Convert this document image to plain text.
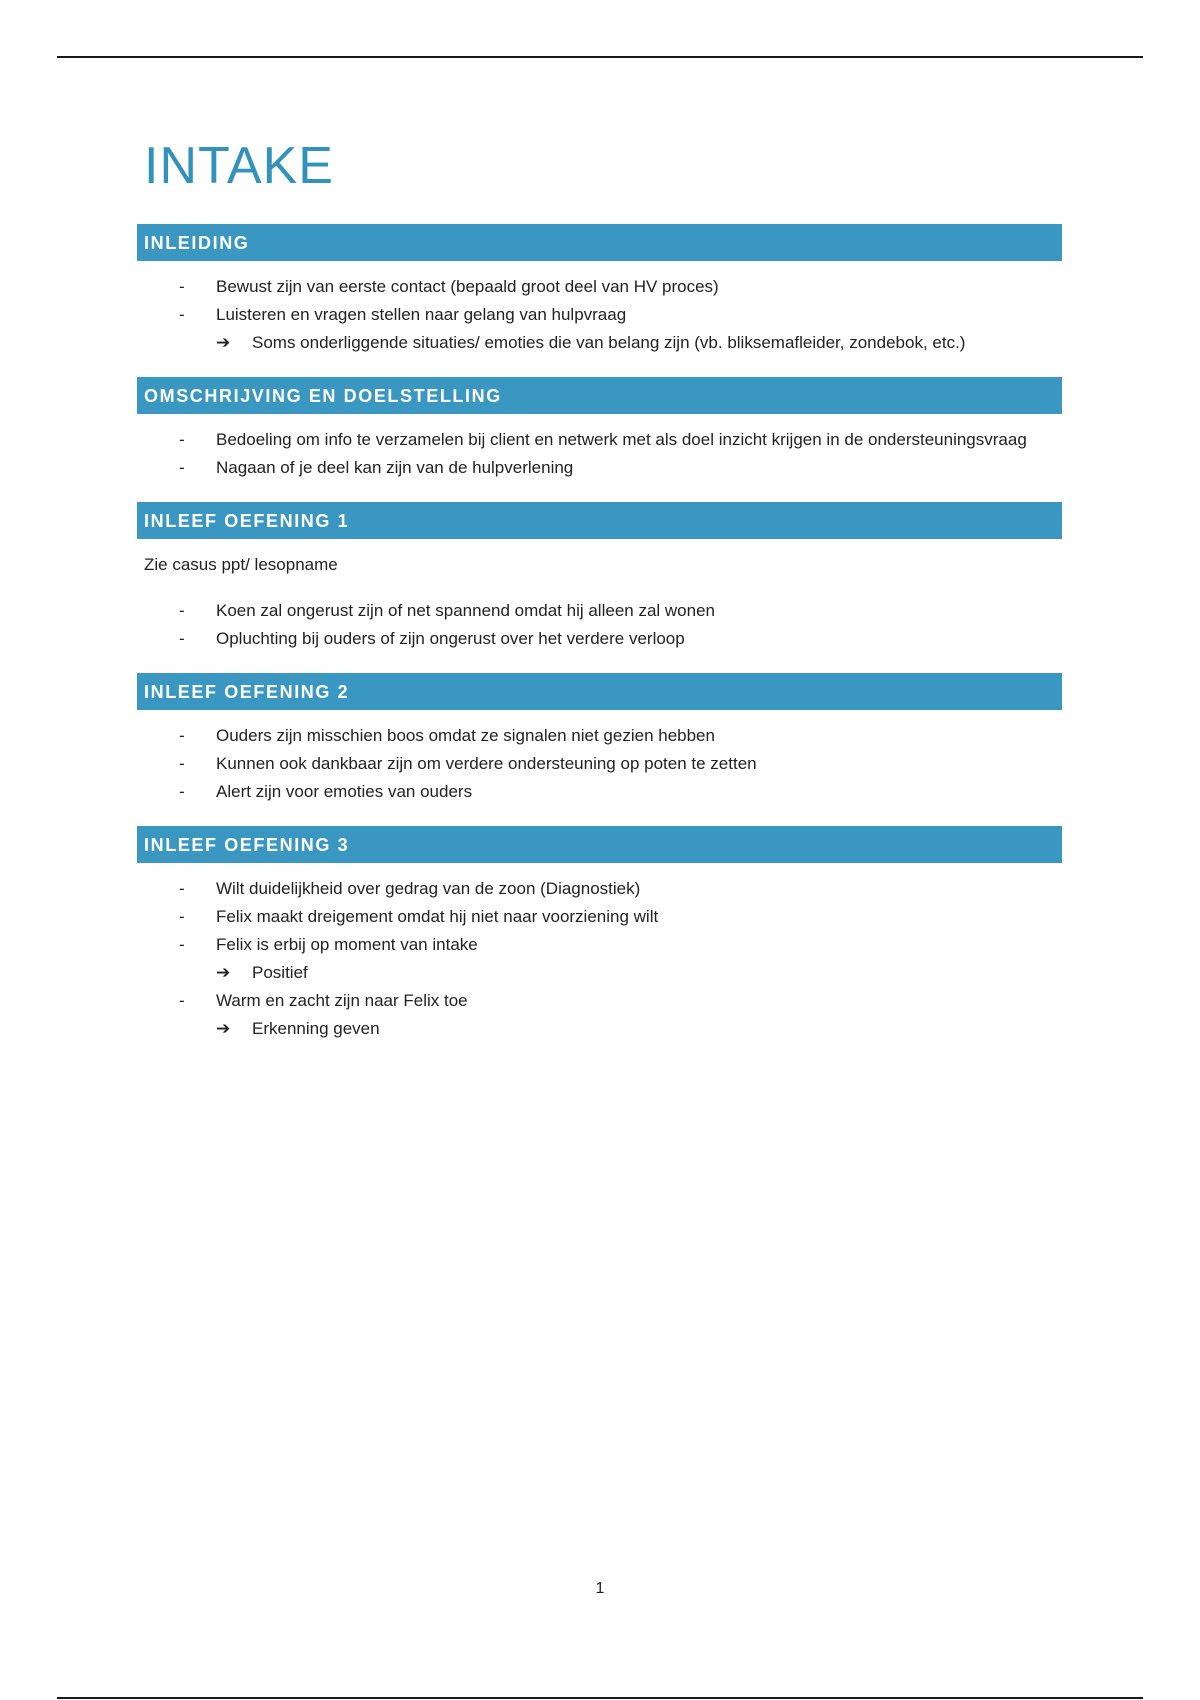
INTAKE
INLEIDING
- Bewust zijn van eerste contact (bepaald groot deel van HV proces)
- Luisteren en vragen stellen naar gelang van hulpvraag
➔ Soms onderliggende situaties/ emoties die van belang zijn (vb. bliksemafleider, zondebok, etc.)
OMSCHRIJVING EN DOELSTELLING
- Bedoeling om info te verzamelen bij client en netwerk met als doel inzicht krijgen in de ondersteuningsvraag
- Nagaan of je deel kan zijn van de hulpverlening
INLEEF OEFENING 1

Zie casus ppt/ lesopname

- Koen zal ongerust zijn of net spannend omdat hij alleen zal wonen
- Opluchting bij ouders of zijn ongerust over het verdere verloop
INLEEF OEFENING 2
- Ouders zijn misschien boos omdat ze signalen niet gezien hebben
- Kunnen ook dankbaar zijn om verdere ondersteuning op poten te zetten
- Alert zijn voor emoties van ouders
INLEEF OEFENING 3
- Wilt duidelijkheid over gedrag van de zoon (Diagnostiek)
- Felix maakt dreigement omdat hij niet naar voorziening wilt
- Felix is erbij op moment van intake
➔ Positief
- Warm en zacht zijn naar Felix toe
➔ Erkenning geven
1
